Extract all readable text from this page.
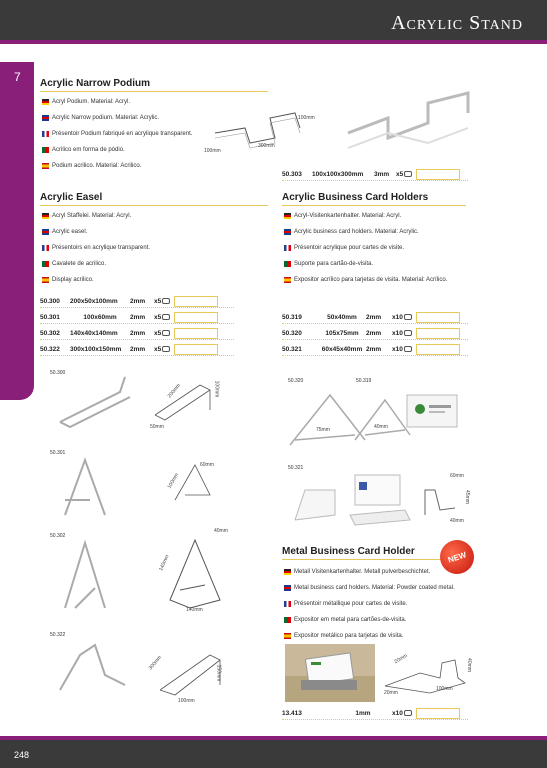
Acrylic Stand
7 Acrylic Narrow Podium
Acryl Podium. Material: Acryl.
Acrylic Narrow podium. Material: Acrylic.
Présentoir Podium fabriqué en acrylique transparent.
Acrilico em forma de pódio.
Podium acrilico. Material: Acrilico.
100mm
300mm
100mm
50.303	100x100x300mm	3mm	x5
Acrylic Easel
Acryl Staffelei. Material: Acryl.
Acrylic easel.
Présentoirs en acrylique transparent.
Cavalete de acrilico.
Display acrilico.
50.300	200x50x100mm	2mm	x5
50.301	100x60mm	2mm	x5
50.302	140x40x140mm	2mm	x5
50.322	300x100x150mm	2mm	x5
50.300
200mm	100mm
50mm
50.301
60mm
100mm
50.302
40mm
140mm
140mm
50.322
300mm
150mm
100mm
Acrylic Business Card Holders
Acryl-Visitenkartenhalter. Material: Acryl.
Acrylic business card holders. Material: Acrylic.
Présentoir acrylique pour cartes de visite.
Suporte para cartão-de-visita.
Expositor acrílico para tarjetas de visita. Material: Acrílico.
50.319	50x40mm	2mm	x10
50.320	105x75mm	2mm	x10
50.321	60x45x40mm 2mm	x10
50.320	50.319
75mm	40mm
50.321
60mm
45mm
40mm
Metal Business Card Holder	NEW
Metall Visitenkartenhalter. Metall pulverbeschichtet.
Metal business card holders. Material: Powder coated metal.
Présentoir métallique pour cartes de visite.
Expositor em metal para cartões-de-visita.
Expositor metálico para tarjetas de visita.
20mm
100mm
40mm
20mm
13.413	1mm	x10
248
